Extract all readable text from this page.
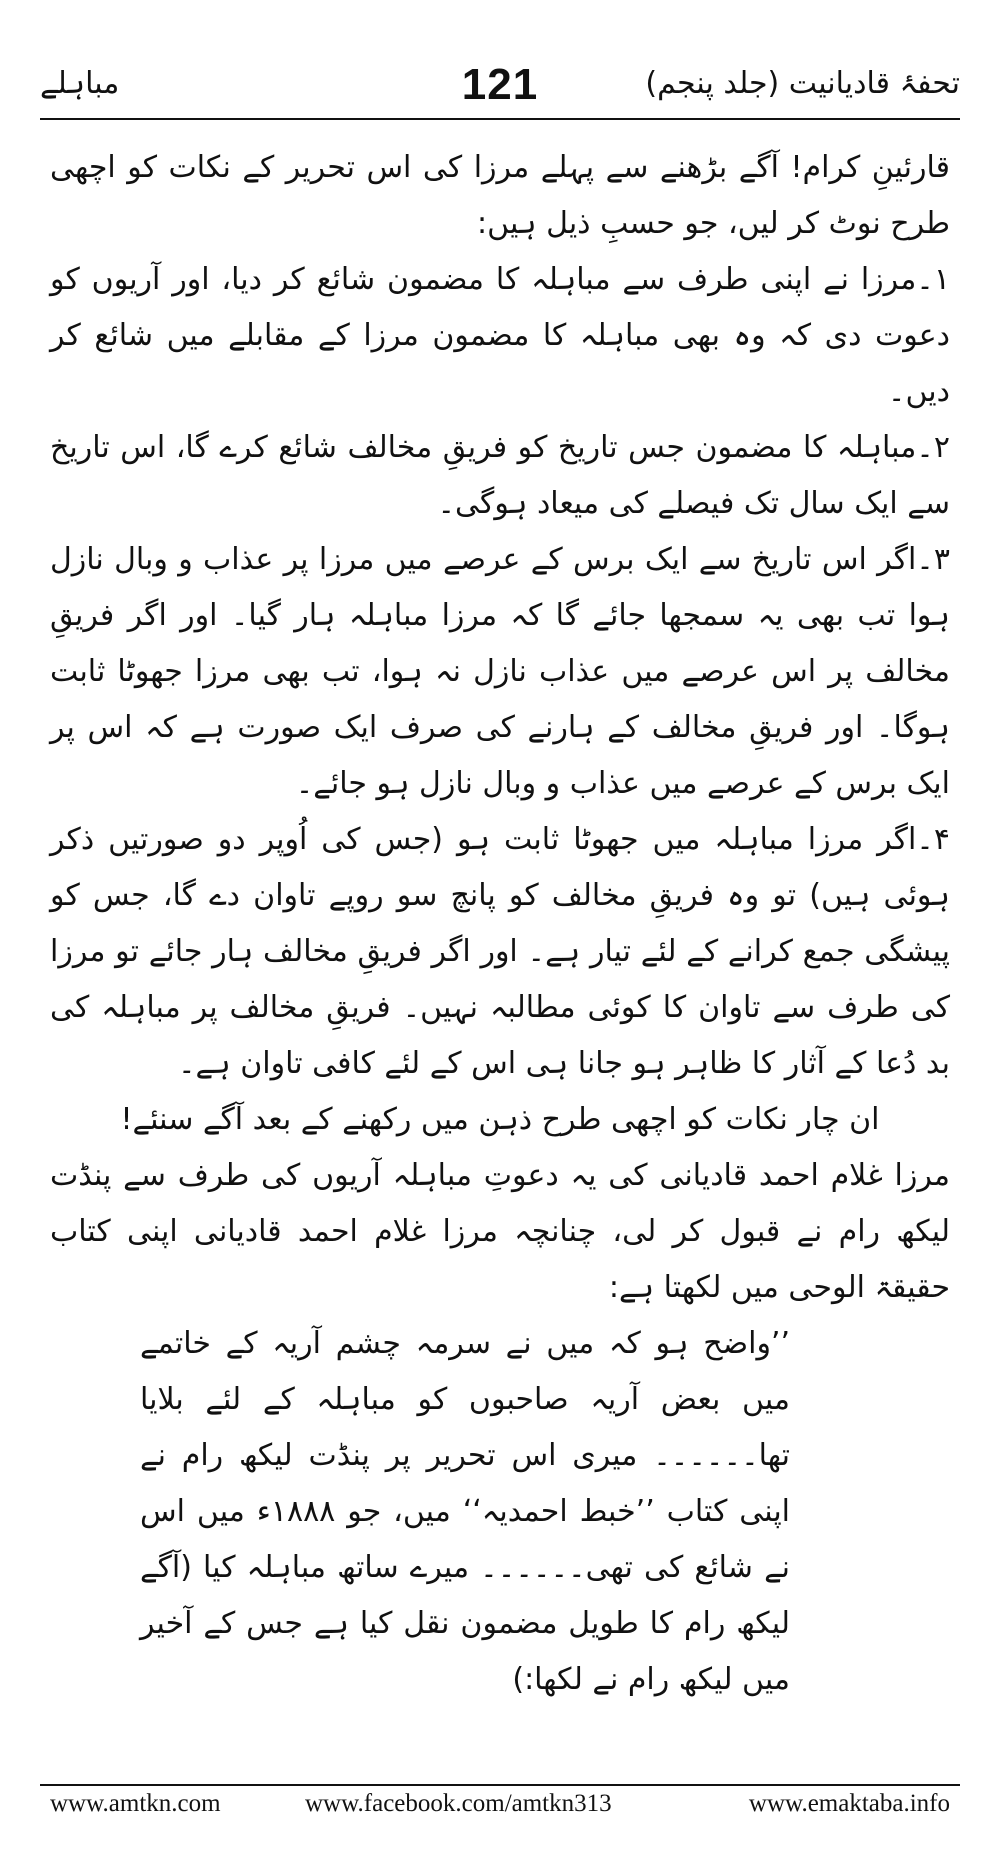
مباہلے	121	تحفۂ قادیانیت (جلد پنجم)

قارئینِ کرام! آگے بڑھنے سے پہلے مرزا کی اس تحریر کے نکات کو اچھی طرح نوٹ کر لیں، جو حسبِ ذیل ہیں:

۱۔مرزا نے اپنی طرف سے مباہلہ کا مضمون شائع کر دیا، اور آریوں کو دعوت دی کہ وہ بھی مباہلہ کا مضمون مرزا کے مقابلے میں شائع کر دیں۔

۲۔مباہلہ کا مضمون جس تاریخ کو فریقِ مخالف شائع کرے گا، اس تاریخ سے ایک سال تک فیصلے کی میعاد ہوگی۔

۳۔اگر اس تاریخ سے ایک برس کے عرصے میں مرزا پر عذاب و وبال نازل ہوا تب بھی یہ سمجھا جائے گا کہ مرزا مباہلہ ہار گیا۔ اور اگر فریقِ مخالف پر اس عرصے میں عذاب نازل نہ ہوا، تب بھی مرزا جھوٹا ثابت ہوگا۔ اور فریقِ مخالف کے ہارنے کی صرف ایک صورت ہے کہ اس پر ایک برس کے عرصے میں عذاب و وبال نازل ہو جائے۔

۴۔اگر مرزا مباہلہ میں جھوٹا ثابت ہو (جس کی اُوپر دو صورتیں ذکر ہوئی ہیں) تو وہ فریقِ مخالف کو پانچ سو روپے تاوان دے گا، جس کو پیشگی جمع کرانے کے لئے تیار ہے۔ اور اگر فریقِ مخالف ہار جائے تو مرزا کی طرف سے تاوان کا کوئی مطالبہ نہیں۔ فریقِ مخالف پر مباہلہ کی بد دُعا کے آثار کا ظاہر ہو جانا ہی اس کے لئے کافی تاوان ہے۔

ان چار نکات کو اچھی طرح ذہن میں رکھنے کے بعد آگے سنئے!

مرزا غلام احمد قادیانی کی یہ دعوتِ مباہلہ آریوں کی طرف سے پنڈت لیکھ رام نے قبول کر لی، چنانچہ مرزا غلام احمد قادیانی اپنی کتاب حقیقۃ الوحی میں لکھتا ہے:

’’واضح ہو کہ میں نے سرمہ چشم آریہ کے خاتمے میں بعض آریہ صاحبوں کو مباہلہ کے لئے بلایا تھا۔۔۔۔۔۔ میری اس تحریر پر پنڈت لیکھ رام نے اپنی کتاب ’’خبط احمدیہ‘‘ میں، جو ۱۸۸۸ء میں اس نے شائع کی تھی۔۔۔۔۔۔ میرے ساتھ مباہلہ کیا (آگے لیکھ رام کا طویل مضمون نقل کیا ہے جس کے آخیر میں لیکھ رام نے لکھا:)

www.amtkn.com	www.facebook.com/amtkn313	www.emaktaba.info
